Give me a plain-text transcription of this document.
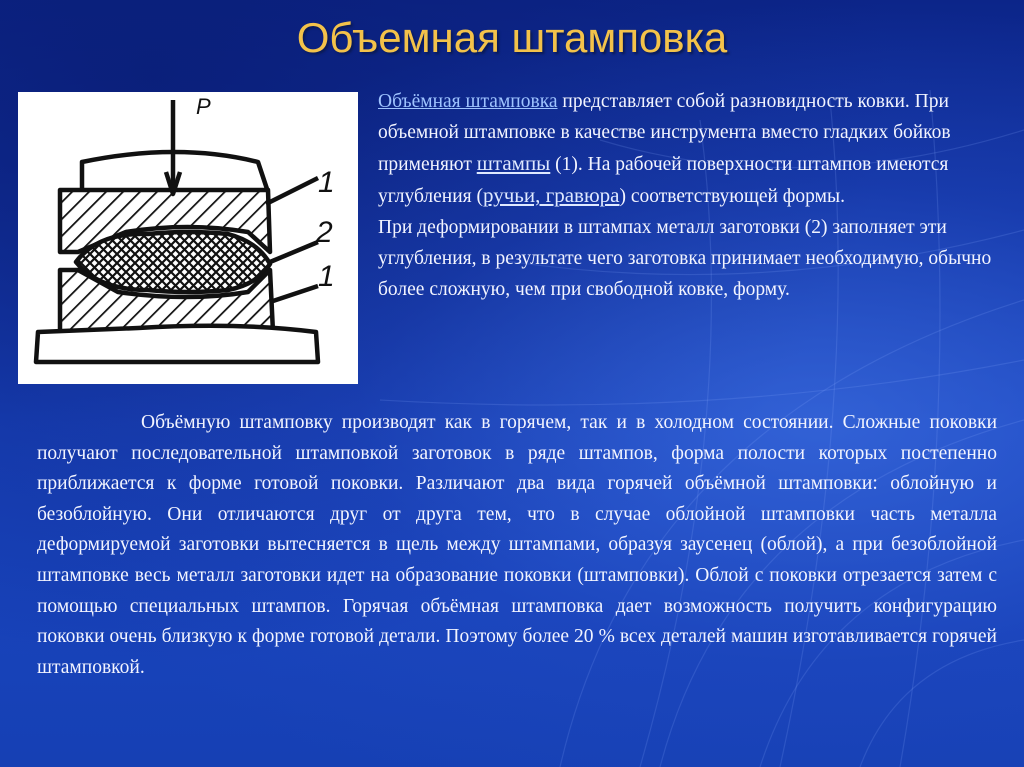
Объемная штамповка
P
1
2
1
Объёмная штамповка представляет собой разновидность ковки. При объемной штамповке в качестве инструмента вместо гладких бойков применяют штампы (1). На рабочей поверхности штампов имеются углубления (ручьи, гравюра) соответствующей формы.
При деформировании в штампах металл заготовки (2) заполняет эти углубления, в результате чего заготовка принимает необходимую, обычно более сложную, чем при свободной ковке, форму.
Объёмную штамповку производят как в горячем, так и в холодном состоянии. Сложные поковки получают последовательной штамповкой заготовок в ряде штампов, форма полости которых постепенно приближается к форме готовой поковки. Различают два вида горячей объёмной штамповки: облойную и безоблойную. Они отличаются друг от друга тем, что в случае облойной штамповки часть металла деформируемой заготовки вытесняется в щель между штампами, образуя заусенец (облой), а при безоблойной штамповке весь металл заготовки идет на образование поковки (штамповки). Облой с поковки отрезается затем с помощью специальных штампов. Горячая объёмная штамповка дает возможность получить конфигурацию поковки очень близкую к форме готовой детали. Поэтому более 20 % всех деталей машин изготавливается горячей штамповкой.
